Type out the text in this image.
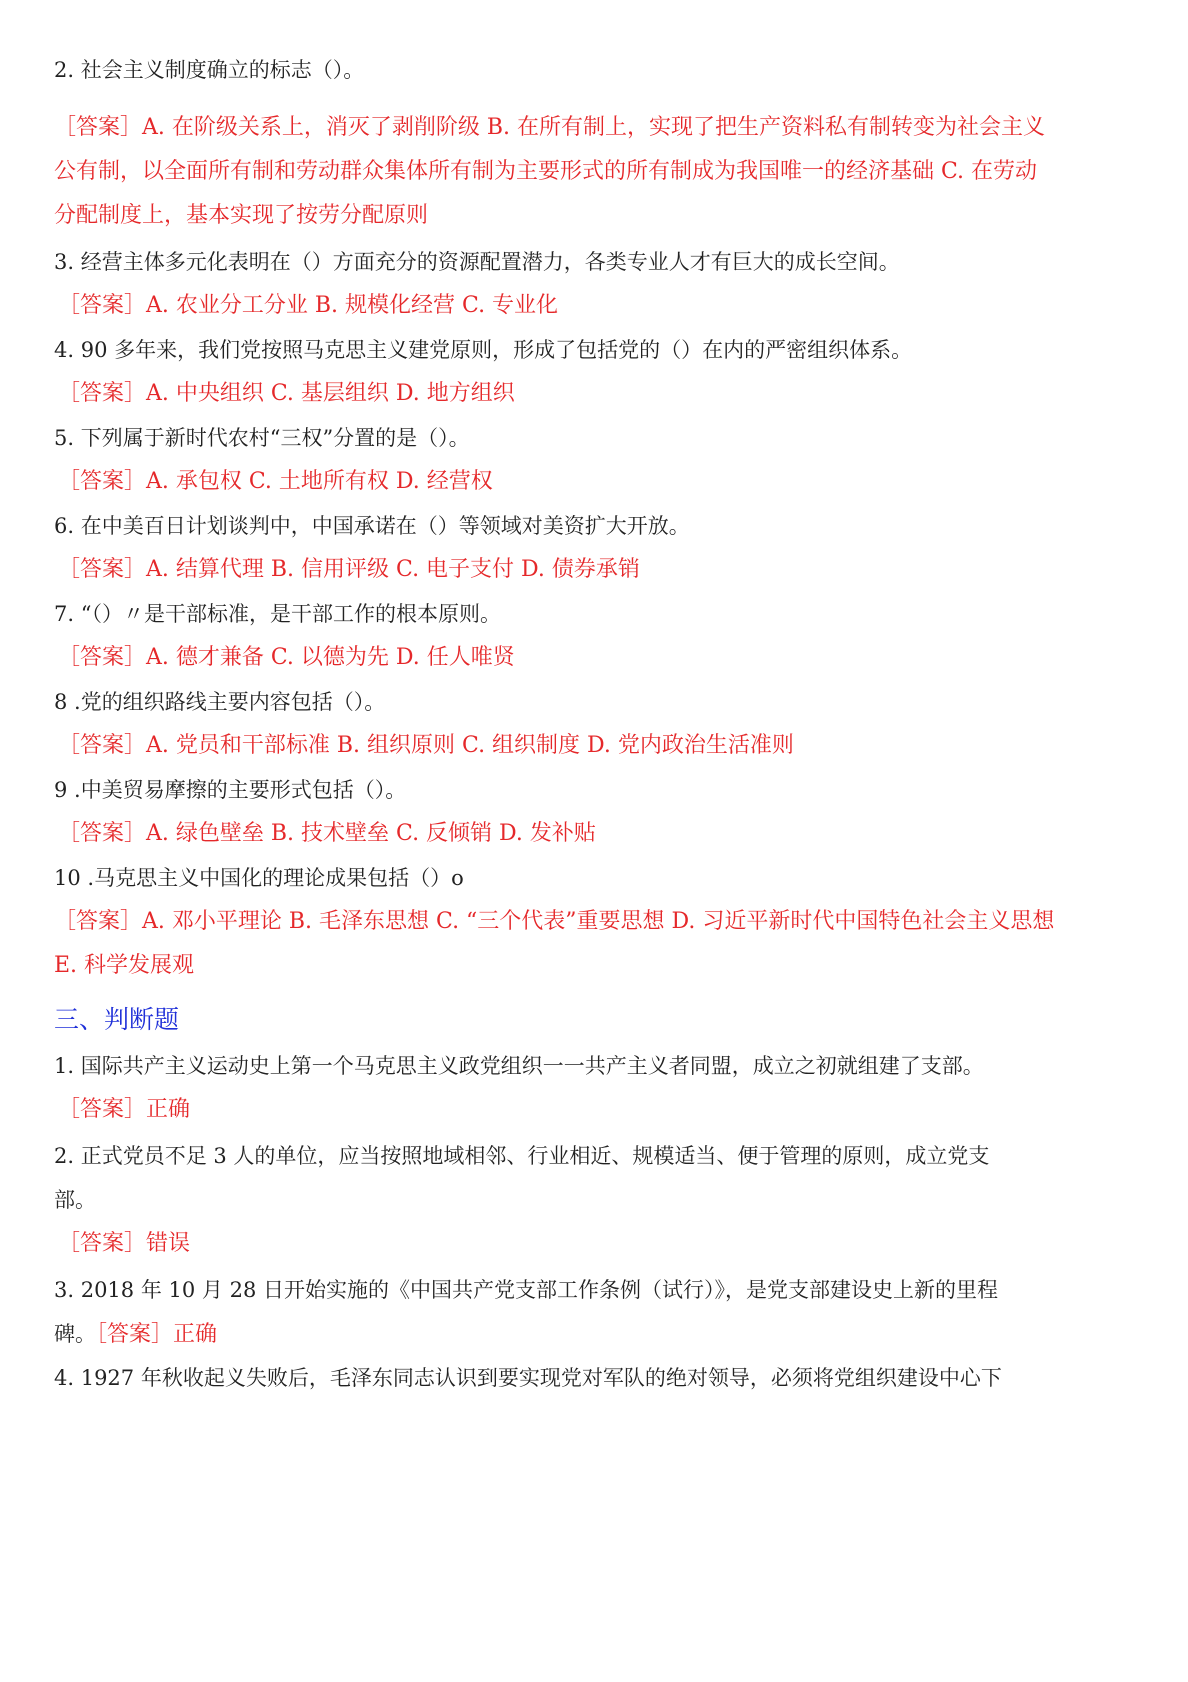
2. 社会主义制度确立的标志（）。
［答案］A. 在阶级关系上，消灭了剥削阶级 B. 在所有制上，实现了把生产资料私有制转变为社会主义
公有制，以全面所有制和劳动群众集体所有制为主要形式的所有制成为我国唯一的经济基础 C. 在劳动
分配制度上，基本实现了按劳分配原则
3. 经营主体多元化表明在（）方面充分的资源配置潜力，各类专业人才有巨大的成长空间。
［答案］A. 农业分工分业 B. 规模化经营 C. 专业化
4. 90 多年来，我们党按照马克思主义建党原则，形成了包括党的（）在内的严密组织体系。
［答案］A. 中央组织 C. 基层组织 D. 地方组织
5. 下列属于新时代农村“三权”分置的是（）。
［答案］A. 承包权 C. 土地所有权 D. 经营权
6. 在中美百日计划谈判中，中国承诺在（）等领域对美资扩大开放。
［答案］A. 结算代理 B. 信用评级 C. 电子支付 D. 债券承销
7. “（）〃是干部标准，是干部工作的根本原则。
［答案］A. 德才兼备 C. 以德为先 D. 任人唯贤
8 .党的组织路线主要内容包括（）。
［答案］A. 党员和干部标准 B. 组织原则 C. 组织制度 D. 党内政治生活准则
9 .中美贸易摩擦的主要形式包括（）。
［答案］A. 绿色壁垒 B. 技术壁垒 C. 反倾销 D. 发补贴
10 .马克思主义中国化的理论成果包括（）o
［答案］A. 邓小平理论 B. 毛泽东思想 C. “三个代表”重要思想 D. 习近平新时代中国特色社会主义思想
E. 科学发展观
三、判断题
1. 国际共产主义运动史上第一个马克思主义政党组织一一共产主义者同盟，成立之初就组建了支部。
［答案］正确
2. 正式党员不足 3 人的单位，应当按照地域相邻、行业相近、规模适当、便于管理的原则，成立党支
部。
［答案］错误
3. 2018 年 10 月 28 日开始实施的《中国共产党支部工作条例（试行）》，是党支部建设史上新的里程
碑。［答案］正确
4. 1927 年秋收起义失败后，毛泽东同志认识到要实现党对军队的绝对领导，必须将党组织建设中心下
